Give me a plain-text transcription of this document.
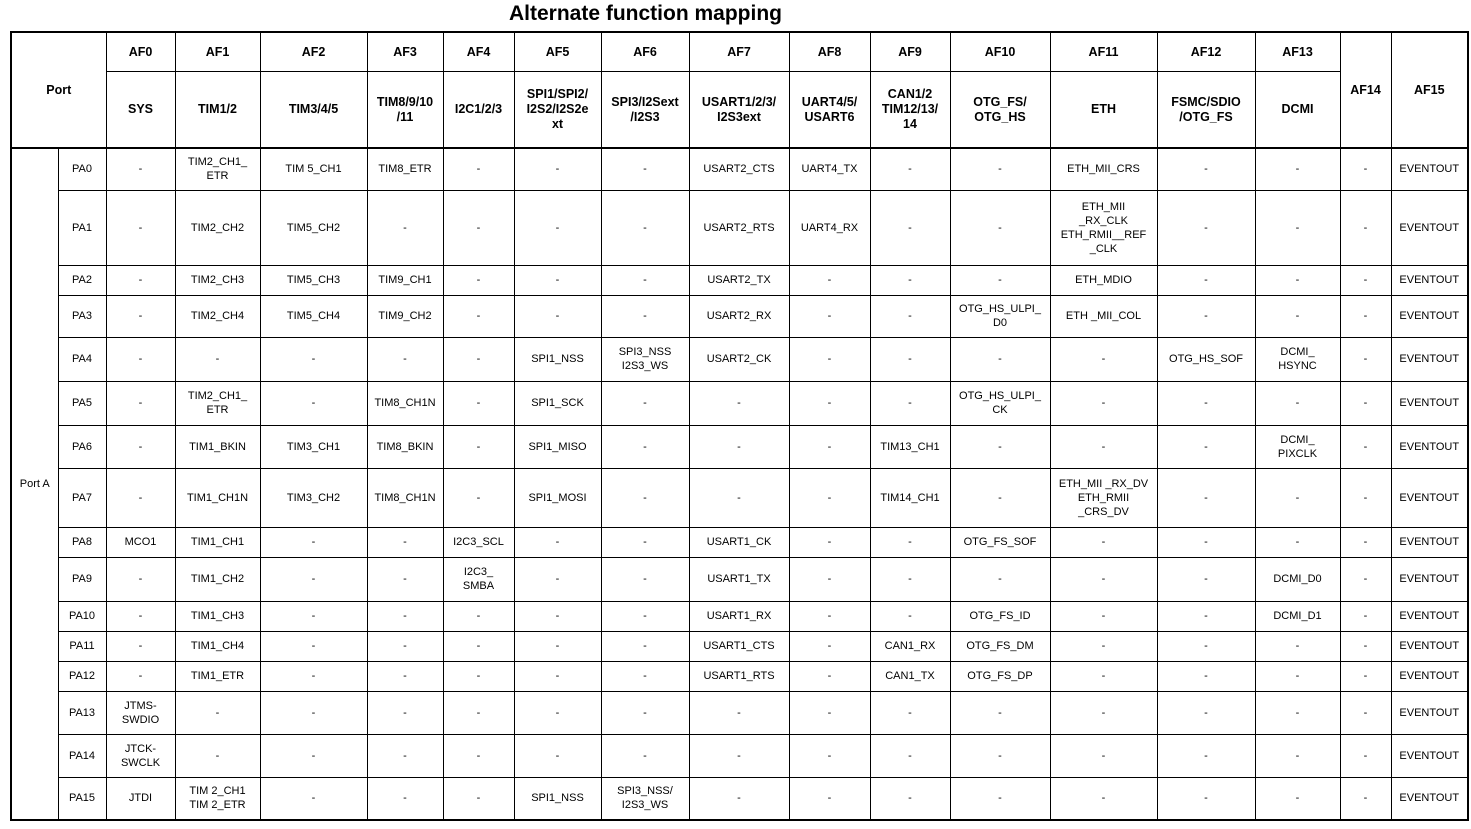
Alternate function mapping
Port		AF0	AF1	AF2	AF3	AF4	AF5	AF6	AF7	AF8	AF9	AF10	AF11	AF12	AF13	AF14	AF15
		SYS	TIM1/2	TIM3/4/5	TIM8/9/10
/11	I2C1/2/3	SPI1/SPI2/
I2S2/I2S2e
xt	SPI3/I2Sext
/I2S3	USART1/2/3/
I2S3ext	UART4/5/
USART6	CAN1/2
TIM12/13/
14	OTG_FS/
OTG_HS	ETH	FSMC/SDIO
/OTG_FS	DCMI		
Port A	PA0	-	TIM2_CH1_
ETR	TIM 5_CH1	TIM8_ETR	-	-	-	USART2_CTS	UART4_TX	-	-	ETH_MII_CRS	-	-	-	EVENTOUT
	PA1	-	TIM2_CH2	TIM5_CH2	-	-	-	-	USART2_RTS	UART4_RX	-	-	ETH_MII
_RX_CLK
ETH_RMII__REF
_CLK	-	-	-	EVENTOUT
	PA2	-	TIM2_CH3	TIM5_CH3	TIM9_CH1	-	-	-	USART2_TX	-	-	-	ETH_MDIO	-	-	-	EVENTOUT
	PA3	-	TIM2_CH4	TIM5_CH4	TIM9_CH2	-	-	-	USART2_RX	-	-	OTG_HS_ULPI_
D0	ETH _MII_COL	-	-	-	EVENTOUT
	PA4	-	-	-	-	-	SPI1_NSS	SPI3_NSS
I2S3_WS	USART2_CK	-	-	-	-	OTG_HS_SOF	DCMI_
HSYNC	-	EVENTOUT
	PA5	-	TIM2_CH1_
ETR	-	TIM8_CH1N	-	SPI1_SCK	-	-	-	-	OTG_HS_ULPI_
CK	-	-	-	-	EVENTOUT
	PA6	-	TIM1_BKIN	TIM3_CH1	TIM8_BKIN	-	SPI1_MISO	-	-	-	TIM13_CH1	-	-	-	DCMI_
PIXCLK	-	EVENTOUT
	PA7	-	TIM1_CH1N	TIM3_CH2	TIM8_CH1N	-	SPI1_MOSI	-	-	-	TIM14_CH1	-	ETH_MII _RX_DV
ETH_RMII
_CRS_DV	-	-	-	EVENTOUT
	PA8	MCO1	TIM1_CH1	-	-	I2C3_SCL	-	-	USART1_CK	-	-	OTG_FS_SOF	-	-	-	-	EVENTOUT
	PA9	-	TIM1_CH2	-	-	I2C3_
SMBA	-	-	USART1_TX	-	-	-	-	-	DCMI_D0	-	EVENTOUT
	PA10	-	TIM1_CH3	-	-	-	-	-	USART1_RX	-	-	OTG_FS_ID	-	-	DCMI_D1	-	EVENTOUT
	PA11	-	TIM1_CH4	-	-	-	-	-	USART1_CTS	-	CAN1_RX	OTG_FS_DM	-	-	-	-	EVENTOUT
	PA12	-	TIM1_ETR	-	-	-	-	-	USART1_RTS	-	CAN1_TX	OTG_FS_DP	-	-	-	-	EVENTOUT
	PA13	JTMS-
SWDIO	-	-	-	-	-	-	-	-	-	-	-	-	-	-	EVENTOUT
	PA14	JTCK-
SWCLK	-	-	-	-	-	-	-	-	-	-	-	-	-	-	EVENTOUT
	PA15	JTDI	TIM 2_CH1
TIM 2_ETR	-	-	-	SPI1_NSS	SPI3_NSS/
I2S3_WS	-	-	-	-	-	-	-	-	EVENTOUT
